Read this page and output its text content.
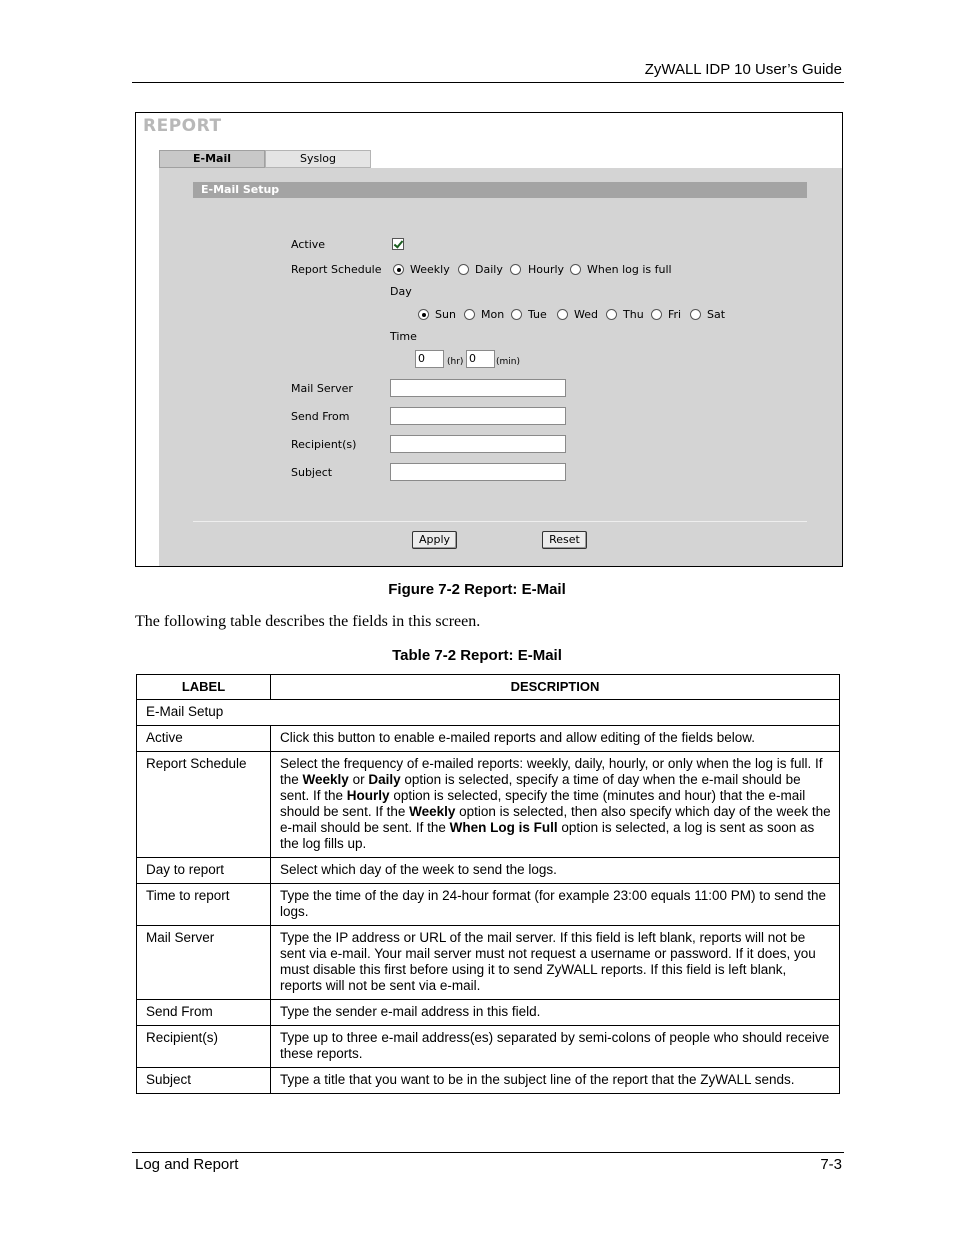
ZyWALL IDP 10 User’s Guide
REPORT
E-Mail	Syslog
E-Mail Setup
Active
Report Schedule	Weekly Daily Hourly When log is full
Day
Sun Mon Tue Wed Thu Fri Sat
Time
0	(hr) 0	(min)
Mail Server
Send From
Recipient(s)
Subject
Apply	Reset
Figure 7-2 Report: E-Mail
The following table describes the fields in this screen.
Table 7-2 Report: E-Mail
LABEL	DESCRIPTION
E-Mail Setup	
Active	Click this button to enable e-mailed reports and allow editing of the fields below.
Report Schedule	Select the frequency of e-mailed reports: weekly, daily, hourly, or only when the log is full. If the Weekly or Daily option is selected, specify a time of day when the e-mail should be sent. If the Hourly option is selected, specify the time (minutes and hour) that the e-mail should be sent. If the Weekly option is selected, then also specify which day of the week the e-mail should be sent. If the When Log is Full option is selected, a log is sent as soon as the log fills up.
Day to report	Select which day of the week to send the logs.
Time to report	Type the time of the day in 24-hour format (for example 23:00 equals 11:00 PM) to send the logs.
Mail Server	Type the IP address or URL of the mail server. If this field is left blank, reports will not be sent via e-mail. Your mail server must not request a username or password. If it does, you must disable this first before using it to send ZyWALL reports. If this field is left blank, reports will not be sent via e-mail.
Send From	Type the sender e-mail address in this field.
Recipient(s)	Type up to three e-mail address(es) separated by semi-colons of people who should receive these reports.
Subject	Type a title that you want to be in the subject line of the report that the ZyWALL sends.
Log and Report	7-3
